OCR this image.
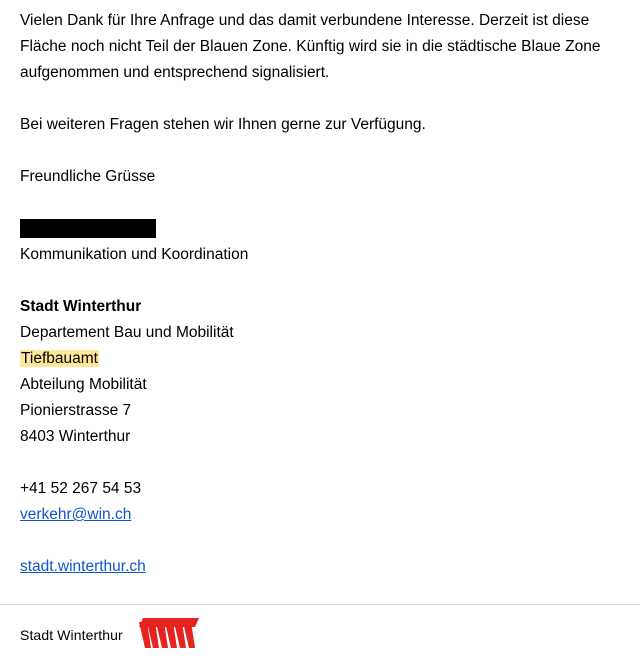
Vielen Dank für Ihre Anfrage und das damit verbundene Interesse. Derzeit ist diese Fläche noch nicht Teil der Blauen Zone. Künftig wird sie in die städtische Blaue Zone aufgenommen und entsprechend signalisiert.

Bei weiteren Fragen stehen wir Ihnen gerne zur Verfügung.

Freundliche Grüsse

Kommunikation und Koordination

Stadt Winterthur

Departement Bau und Mobilität

Tiefbauamt

Abteilung Mobilität

Pionierstrasse 7

8403 Winterthur

+41 52 267 54 53

verkehr@win.ch

stadt.winterthur.ch

Stadt Winterthur
